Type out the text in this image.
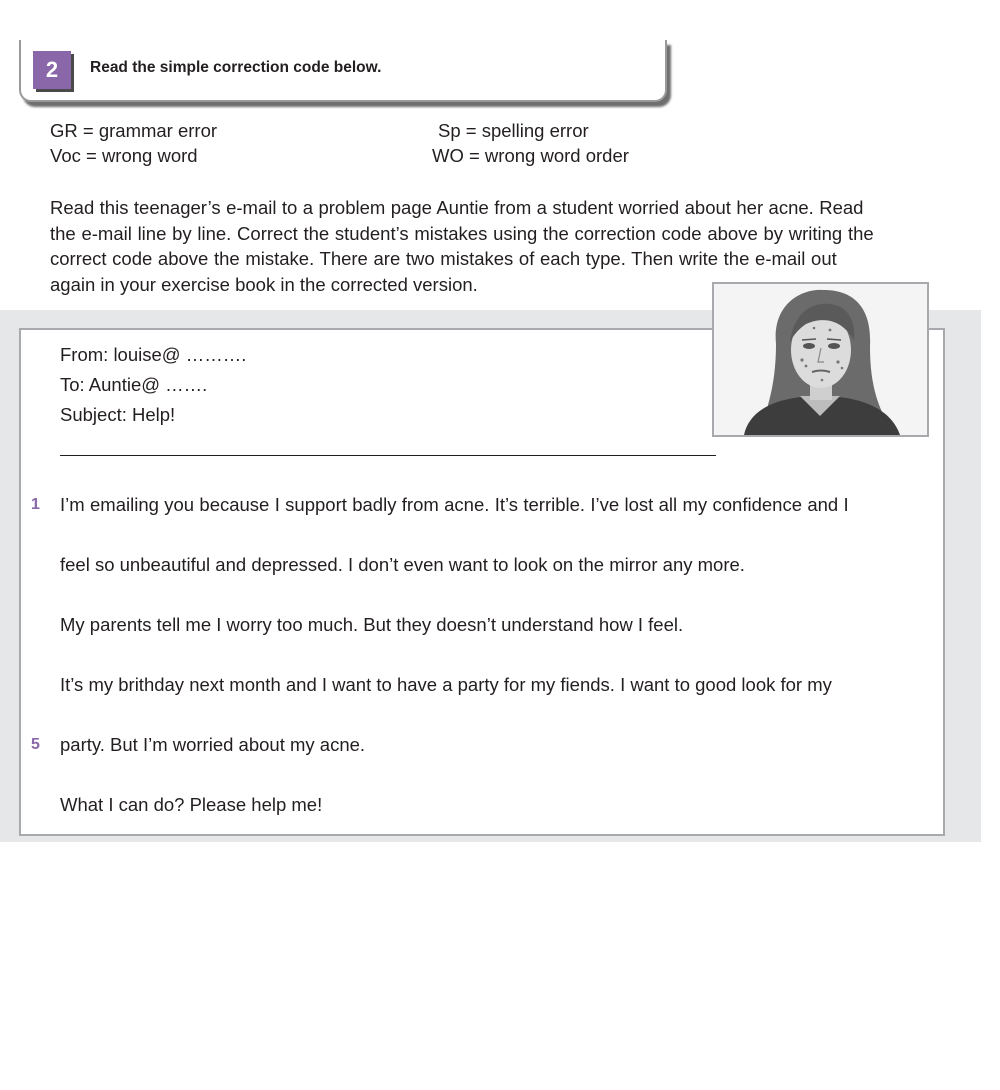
2	Read the simple correction code below.
GR = grammar error	Sp = spelling error
Voc = wrong word	WO = wrong word order
Read this teenager’s e-mail to a problem page Auntie from a student worried about her acne. Read
the e-mail line by line. Correct the student’s mistakes using the correction code above by writing the
correct code above the mistake. There are two mistakes of each type. Then write the e-mail out
again in your exercise book in the corrected version.
From: louise@ ……….
To: Auntie@ …….
Subject: Help!
1
5
I’m emailing you because I support badly from acne. It’s terrible. I’ve lost all my confidence and I
feel so unbeautiful and depressed. I don’t even want to look on the mirror any more.
My parents tell me I worry too much. But they doesn’t understand how I feel.
It’s my brithday next month and I want to have a party for my fiends. I want to good look for my
party. But I’m worried about my acne.
What I can do? Please help me!
